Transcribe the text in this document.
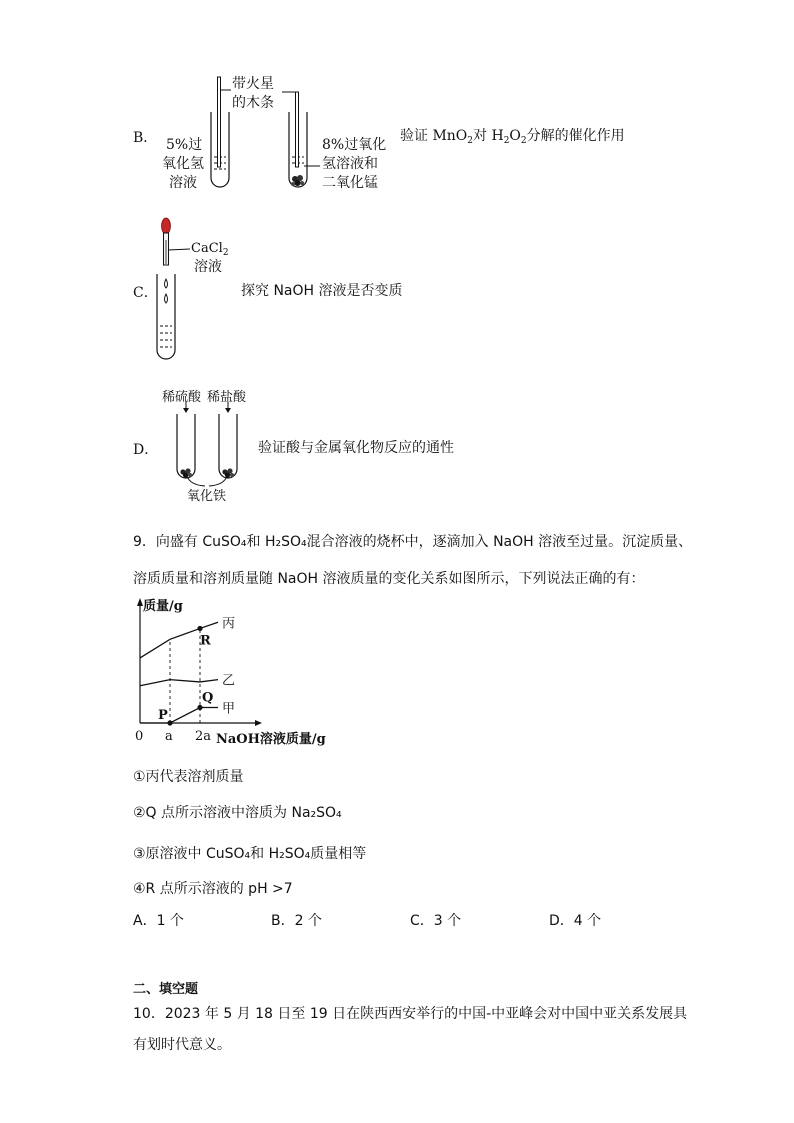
B．
带火星
的木条
5%过
氧化氢
溶液
8%过氧化
氢溶液和
二氧化锰
验证 MnO$_2$对 $H_2O_2$分解的催化作用
C．
CaCl$_2$
溶液
探究 NaOH 溶液是否变质
D．
稀硫酸 稀盐酸
氧化铁
验证酸与金属氧化物反应的通性
9．向盛有 CuSO₄和 H₂SO₄混合溶液的烧杯中，逐滴加入 NaOH 溶液至过量。沉淀质量、
溶质质量和溶剂质量随 NaOH 溶液质量的变化关系如图所示，下列说法正确的有：
质量/g
NaOH溶液质量/g
0 a 2a
丙
乙
甲
P
Q
R
①丙代表溶剂质量
②Q 点所示溶液中溶质为 Na₂SO₄
③原溶液中 CuSO₄和 H₂SO₄质量相等
④R 点所示溶液的 pH >7
A．1 个	B．2 个	C．3 个	D．4 个
二、填空题
10．2023 年 5 月 18 日至 19 日在陕西西安举行的中国-中亚峰会对中国中亚关系发展具
有划时代意义。
